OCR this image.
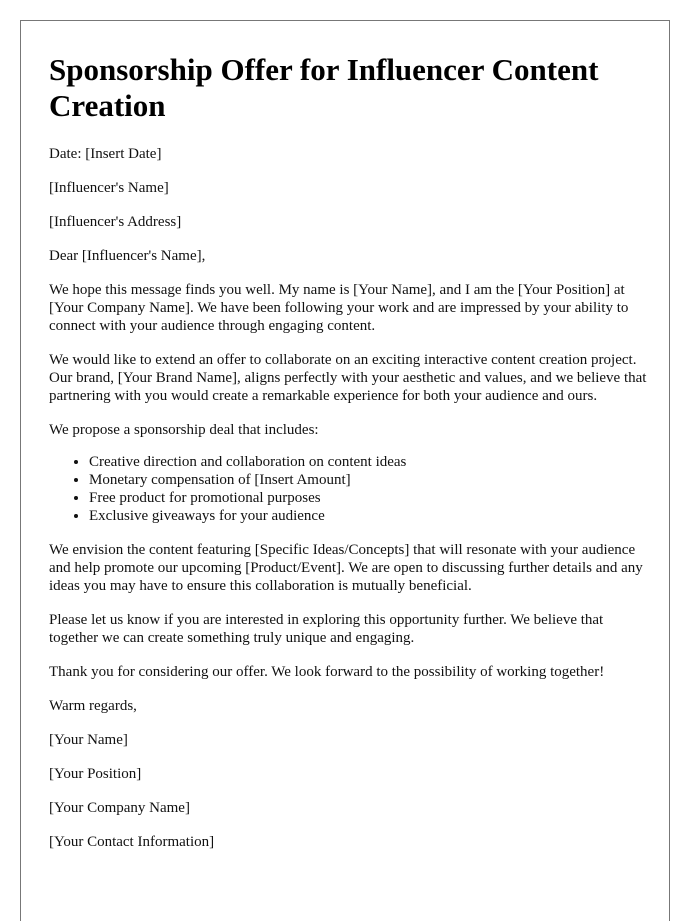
Sponsorship Offer for Influencer Content Creation

Date: [Insert Date]

[Influencer's Name]

[Influencer's Address]

Dear [Influencer's Name],

We hope this message finds you well. My name is [Your Name], and I am the [Your Position] at [Your Company Name]. We have been following your work and are impressed by your ability to connect with your audience through engaging content.

We would like to extend an offer to collaborate on an exciting interactive content creation project. Our brand, [Your Brand Name], aligns perfectly with your aesthetic and values, and we believe that partnering with you would create a remarkable experience for both your audience and ours.

We propose a sponsorship deal that includes:

• Creative direction and collaboration on content ideas
• Monetary compensation of [Insert Amount]
• Free product for promotional purposes
• Exclusive giveaways for your audience

We envision the content featuring [Specific Ideas/Concepts] that will resonate with your audience and help promote our upcoming [Product/Event]. We are open to discussing further details and any ideas you may have to ensure this collaboration is mutually beneficial.

Please let us know if you are interested in exploring this opportunity further. We believe that together we can create something truly unique and engaging.

Thank you for considering our offer. We look forward to the possibility of working together!

Warm regards,

[Your Name]

[Your Position]

[Your Company Name]

[Your Contact Information]
